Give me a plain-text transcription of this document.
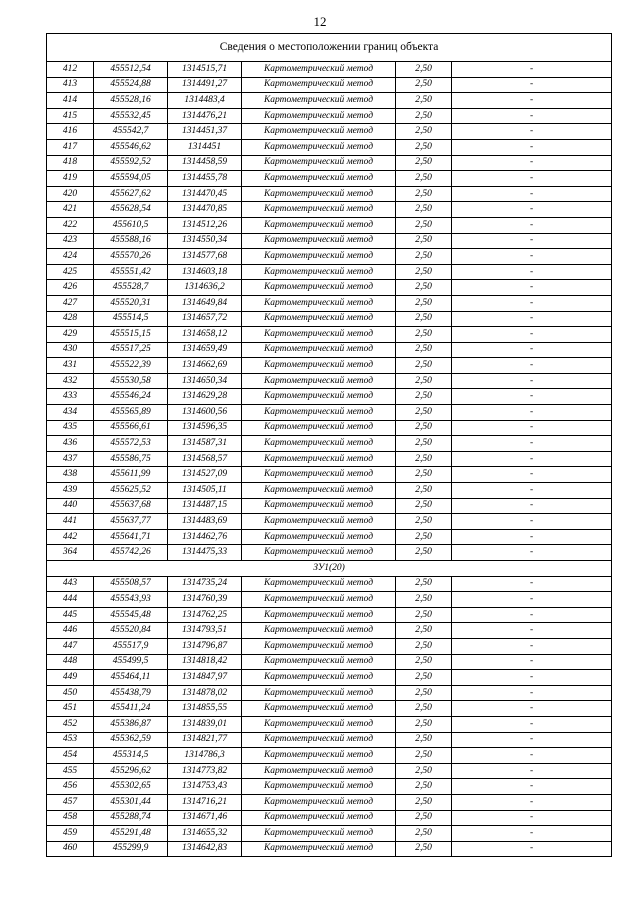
12
Сведения о местоположении границ объекта					
412	455512,54	1314515,71	Картометрический метод	2,50	-
413	455524,88	1314491,27	Картометрический метод	2,50	-
414	455528,16	1314483,4	Картометрический метод	2,50	-
415	455532,45	1314476,21	Картометрический метод	2,50	-
416	455542,7	1314451,37	Картометрический метод	2,50	-
417	455546,62	1314451	Картометрический метод	2,50	-
418	455592,52	1314458,59	Картометрический метод	2,50	-
419	455594,05	1314455,78	Картометрический метод	2,50	-
420	455627,62	1314470,45	Картометрический метод	2,50	-
421	455628,54	1314470,85	Картометрический метод	2,50	-
422	455610,5	1314512,26	Картометрический метод	2,50	-
423	455588,16	1314550,34	Картометрический метод	2,50	-
424	455570,26	1314577,68	Картометрический метод	2,50	-
425	455551,42	1314603,18	Картометрический метод	2,50	-
426	455528,7	1314636,2	Картометрический метод	2,50	-
427	455520,31	1314649,84	Картометрический метод	2,50	-
428	455514,5	1314657,72	Картометрический метод	2,50	-
429	455515,15	1314658,12	Картометрический метод	2,50	-
430	455517,25	1314659,49	Картометрический метод	2,50	-
431	455522,39	1314662,69	Картометрический метод	2,50	-
432	455530,58	1314650,34	Картометрический метод	2,50	-
433	455546,24	1314629,28	Картометрический метод	2,50	-
434	455565,89	1314600,56	Картометрический метод	2,50	-
435	455566,61	1314596,35	Картометрический метод	2,50	-
436	455572,53	1314587,31	Картометрический метод	2,50	-
437	455586,75	1314568,57	Картометрический метод	2,50	-
438	455611,99	1314527,09	Картометрический метод	2,50	-
439	455625,52	1314505,11	Картометрический метод	2,50	-
440	455637,68	1314487,15	Картометрический метод	2,50	-
441	455637,77	1314483,69	Картометрический метод	2,50	-
442	455641,71	1314462,76	Картометрический метод	2,50	-
364	455742,26	1314475,33	Картометрический метод	2,50	-
ЗУ1(20)					
443	455508,57	1314735,24	Картометрический метод	2,50	-
444	455543,93	1314760,39	Картометрический метод	2,50	-
445	455545,48	1314762,25	Картометрический метод	2,50	-
446	455520,84	1314793,51	Картометрический метод	2,50	-
447	455517,9	1314796,87	Картометрический метод	2,50	-
448	455499,5	1314818,42	Картометрический метод	2,50	-
449	455464,11	1314847,97	Картометрический метод	2,50	-
450	455438,79	1314878,02	Картометрический метод	2,50	-
451	455411,24	1314855,55	Картометрический метод	2,50	-
452	455386,87	1314839,01	Картометрический метод	2,50	-
453	455362,59	1314821,77	Картометрический метод	2,50	-
454	455314,5	1314786,3	Картометрический метод	2,50	-
455	455296,62	1314773,82	Картометрический метод	2,50	-
456	455302,65	1314753,43	Картометрический метод	2,50	-
457	455301,44	1314716,21	Картометрический метод	2,50	-
458	455288,74	1314671,46	Картометрический метод	2,50	-
459	455291,48	1314655,32	Картометрический метод	2,50	-
460	455299,9	1314642,83	Картометрический метод	2,50	-
